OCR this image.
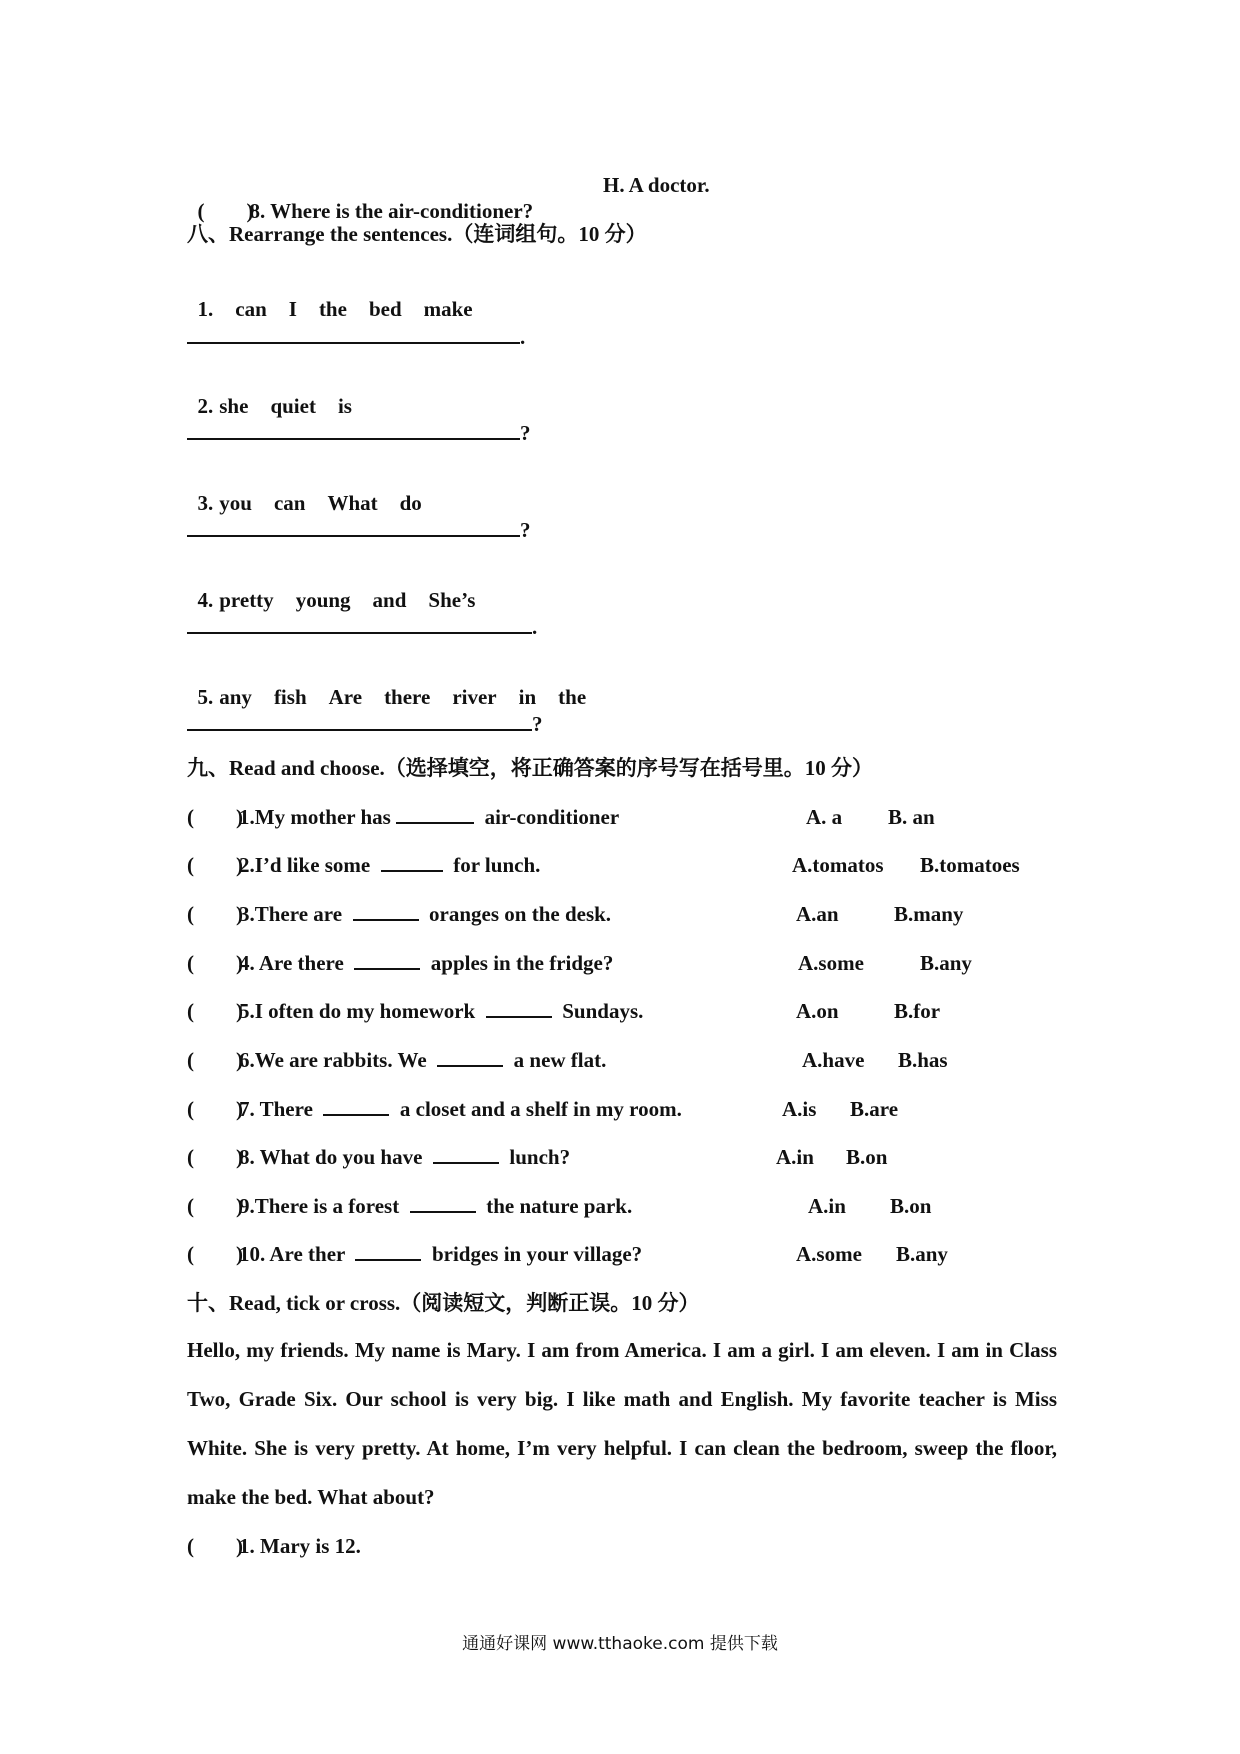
(        )8. Where is the air-conditioner?

H. A doctor.
八、Rearrange the sentences.（连词组句。10 分）

1. can I the bed make

.

2. she quiet is

?

3. you can What do

?

4. pretty young and She’s

.

5. any fish Are there river in the

?
九、Read and choose.（选择填空，将正确答案的序号写在括号里。10 分）
(        )1.My mother has	air-conditioner	A. a B. an
(        )2.I’d like some	for lunch.	A.tomatos B.tomatoes
(        )3.There are	oranges on the desk.	A.an	B.many
(        )4. Are there	apples in the fridge?	A.some	B.any
(        )5.I often do my homework	Sundays.	A.on	B.for
(        )6.We are rabbits. We	a new flat.	A.have B.has
(        )7. There	a closet and a shelf in my room.	A.is B.are
(        )8. What do you have	lunch?	A.in B.on
(        )9.There is a forest	the nature park.	A.in B.on
(        )10. Are ther	bridges in your village?	A.some B.any
十、Read, tick or cross.（阅读短文，判断正误。10 分）
Hello, my friends. My name is Mary. I am from America. I am a girl. I am eleven. I am in Class Two, Grade Six. Our school is very big. I like math and English. My favorite teacher is Miss White. She is very pretty. At home, I’m very helpful. I can clean the bedroom, sweep the floor, make the bed. What about?
(        )1. Mary is 12.
通通好课网 www.tthaoke.com 提供下载
